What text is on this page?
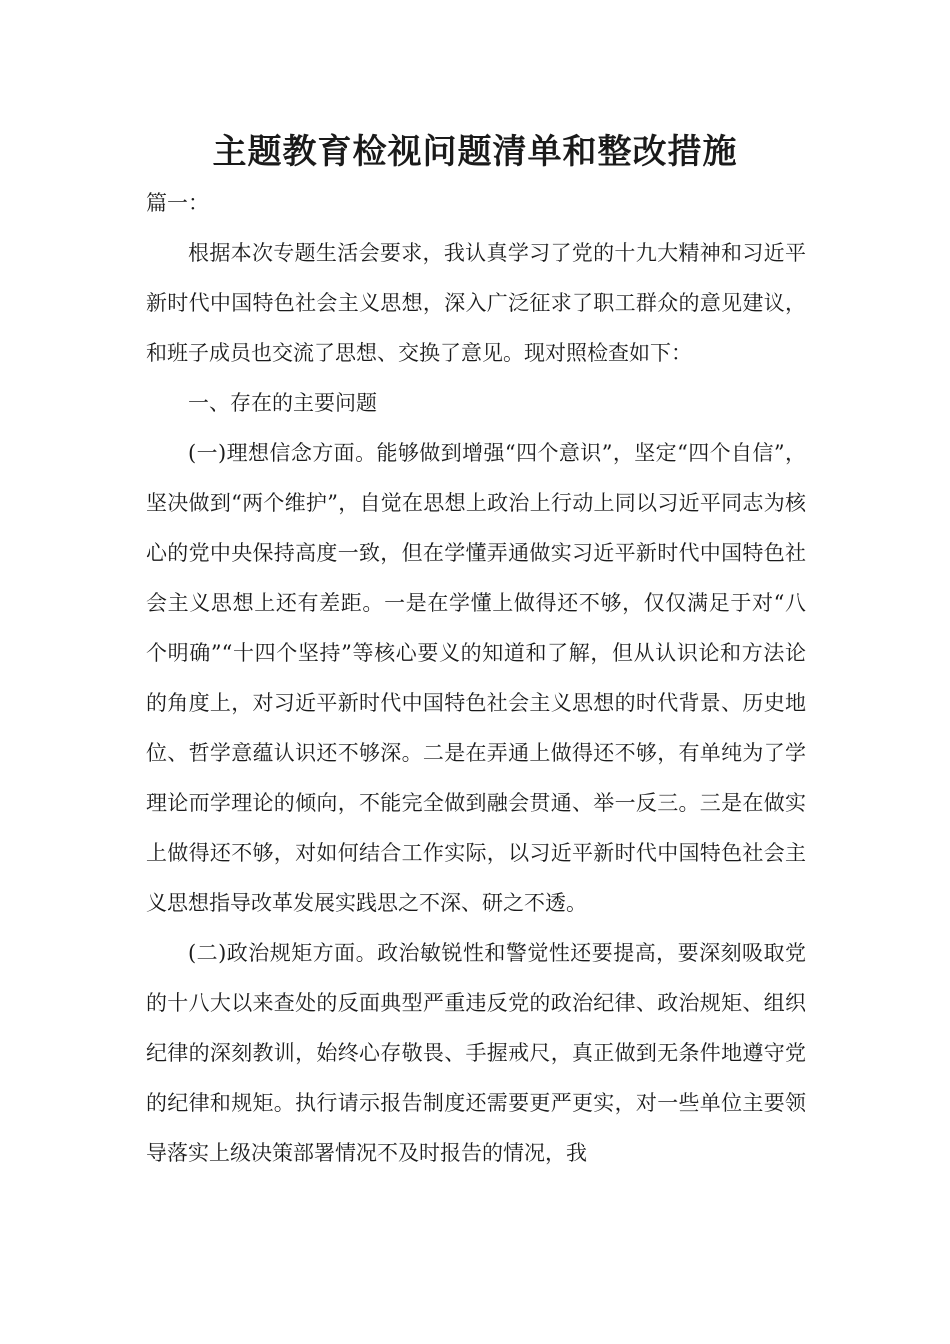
主题教育检视问题清单和整改措施

篇一：

根据本次专题生活会要求，我认真学习了党的十九大精神和习近平新时代中国特色社会主义思想，深入广泛征求了职工群众的意见建议，和班子成员也交流了思想、交换了意见。现对照检查如下：

一、存在的主要问题

(一)理想信念方面。能够做到增强“四个意识”，坚定“四个自信”，坚决做到“两个维护”，自觉在思想上政治上行动上同以习近平同志为核心的党中央保持高度一致，但在学懂弄通做实习近平新时代中国特色社会主义思想上还有差距。一是在学懂上做得还不够，仅仅满足于对“八个明确”“十四个坚持”等核心要义的知道和了解，但从认识论和方法论的角度上，对习近平新时代中国特色社会主义思想的时代背景、历史地位、哲学意蕴认识还不够深。二是在弄通上做得还不够，有单纯为了学理论而学理论的倾向，不能完全做到融会贯通、举一反三。三是在做实上做得还不够，对如何结合工作实际，以习近平新时代中国特色社会主义思想指导改革发展实践思之不深、研之不透。

(二)政治规矩方面。政治敏锐性和警觉性还要提高，要深刻吸取党的十八大以来查处的反面典型严重违反党的政治纪律、政治规矩、组织纪律的深刻教训，始终心存敬畏、手握戒尺，真正做到无条件地遵守党的纪律和规矩。执行请示报告制度还需要更严更实，对一些单位主要领导落实上级决策部署情况不及时报告的情况，我
